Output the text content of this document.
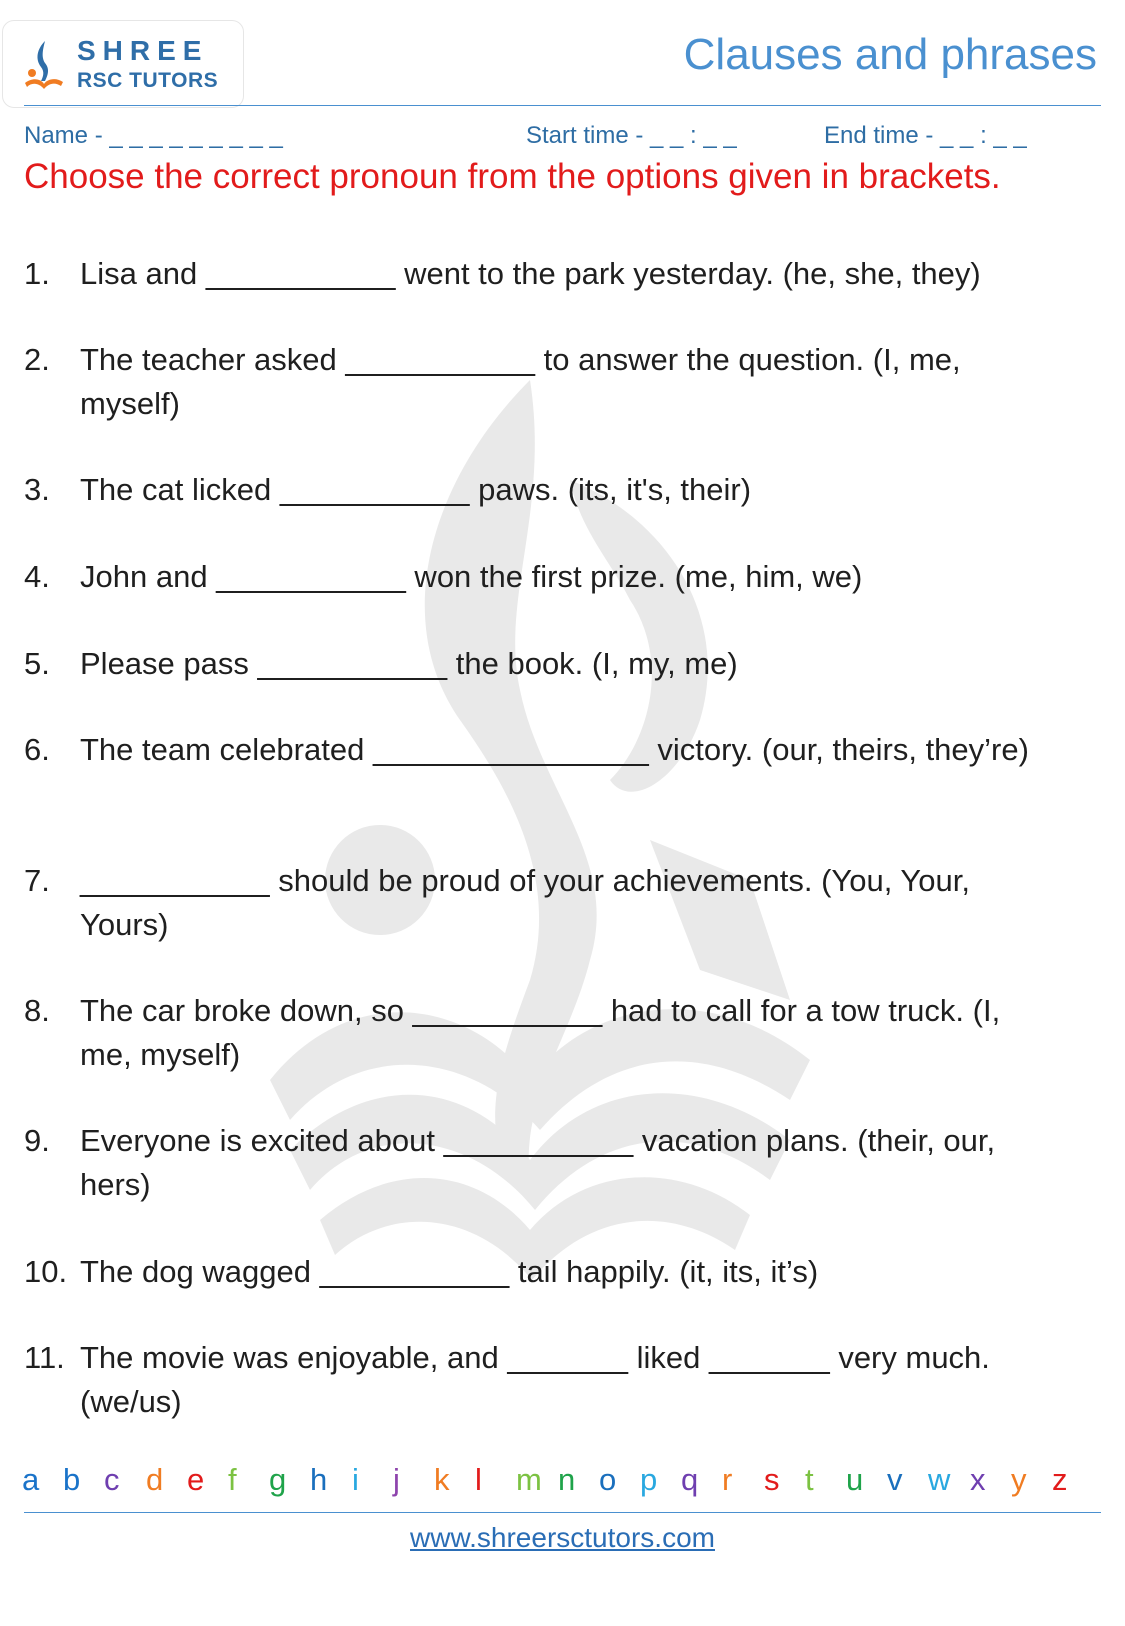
SHREE
RSC TUTORS
Clauses and phrases
Name - _ _ _ _ _ _ _ _ _	Start time - _ _ : _ _	End time - _ _ : _ _
Choose the correct pronoun from the options given in brackets.
1. Lisa and ___________ went to the park yesterday. (he, she, they)
2. The teacher asked ___________ to answer the question. (I, me, myself)
3. The cat licked ___________ paws. (its, it's, their)
4. John and ___________ won the first prize. (me, him, we)
5. Please pass ___________ the book. (I, my, me)
6. The team celebrated ________________ victory. (our, theirs, they’re)
7. ___________ should be proud of your achievements. (You, Your, Yours)
8. The car broke down, so ___________ had to call for a tow truck. (I, me, myself)
9. Everyone is excited about ___________ vacation plans. (their, our, hers)
10. The dog wagged ___________ tail happily. (it, its, it’s)
11. The movie was enjoyable, and _______ liked _______ very much. (we/us)
a b c d e f g h i j k l m n o p q r s t u v w x y z
www.shreersctutors.com
